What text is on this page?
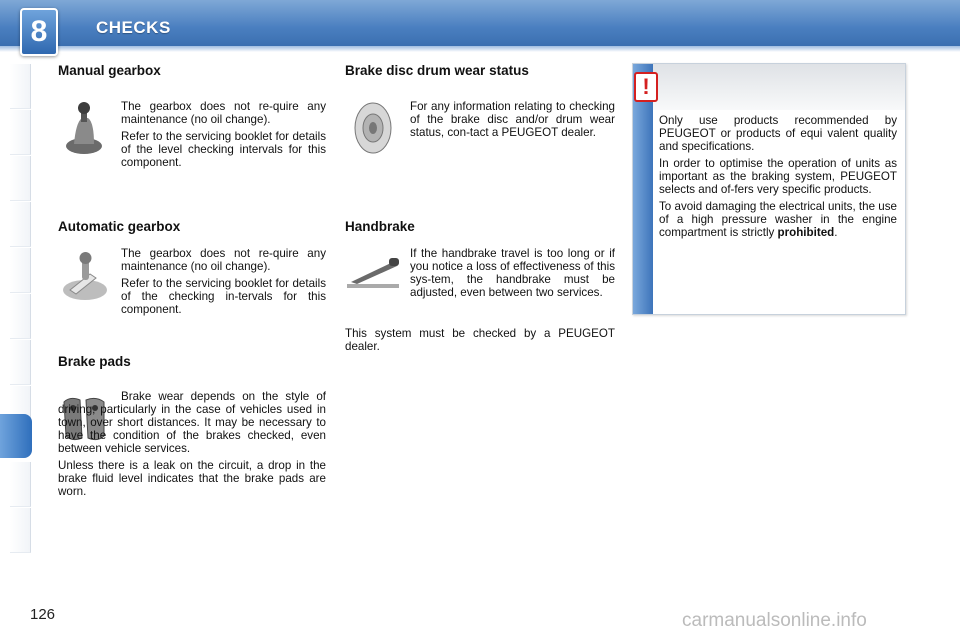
8	CHECKS
Manual gearbox

The gearbox does not re-quire any maintenance (no oil change).

Refer to the servicing booklet for details of the level checking intervals for this component.

Automatic gearbox

The gearbox does not re-quire any maintenance (no oil change).

Refer to the servicing booklet for details of the checking in-tervals for this component.

Brake pads

Brake wear depends on the style of driving, particularly in the case of vehicles used in town, over short distances. It may be necessary to have the condition of the brakes checked, even between vehicle services.

Unless there is a leak on the circuit, a drop in the brake fluid level indicates that the brake pads are worn.

Brake disc drum wear status

For any information relating to checking of the brake disc and/or drum wear status, con-tact a PEUGEOT dealer.

Handbrake

If the handbrake travel is too long or if you notice a loss of effectiveness of this sys-tem, the handbrake must be adjusted, even between two services.

This system must be checked by a PEUGEOT dealer.

!

Only use products recommended by PEUGEOT or products of equi valent quality and specifications.

In order to optimise the operation of units as important as the braking system, PEUGEOT selects and of-fers very specific products.

To avoid damaging the electrical units, the use of a high pressure washer in the engine compartment is strictly prohibited.

126	carmanualsonline.info
